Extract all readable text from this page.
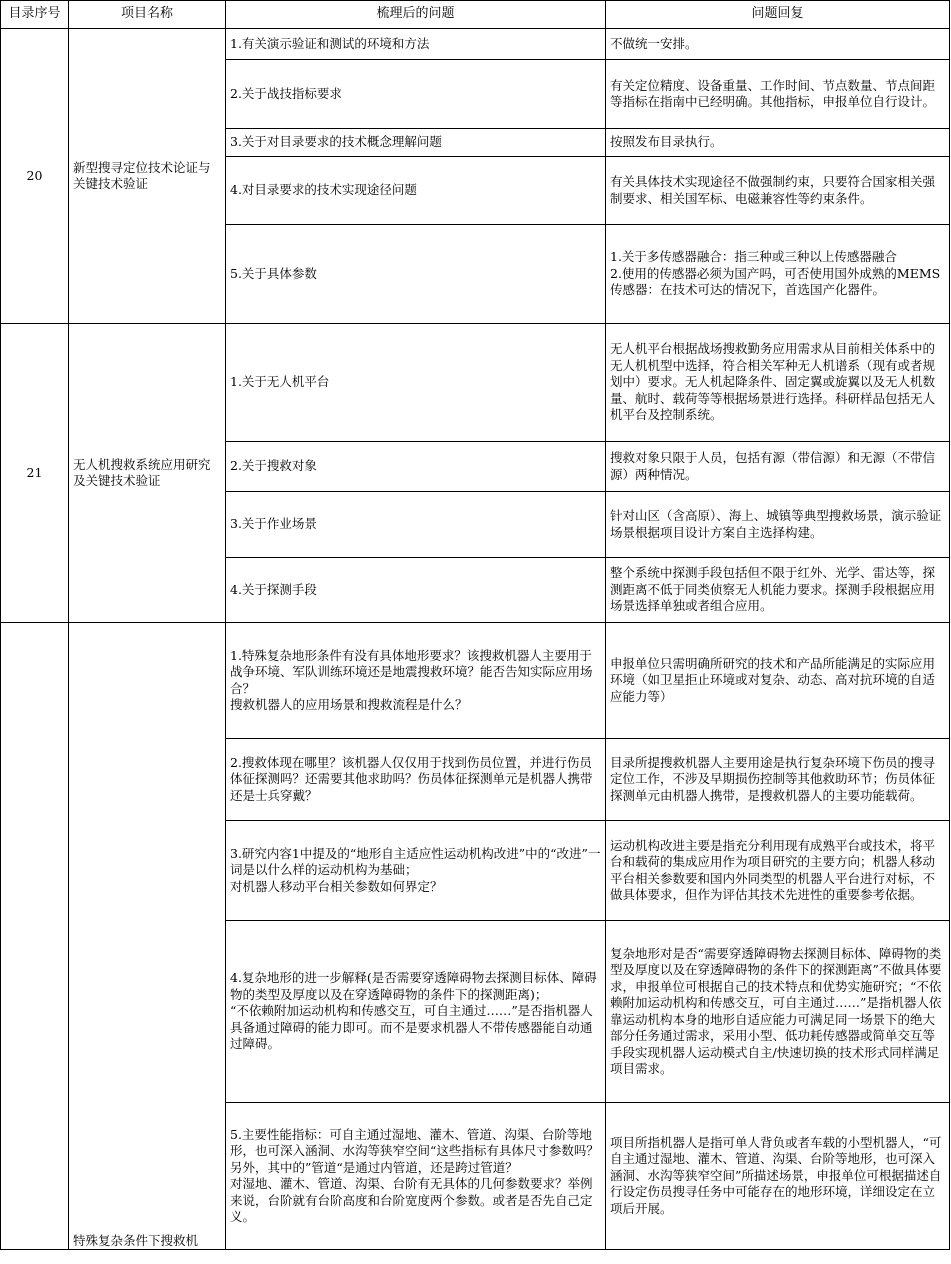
目录序号	项目名称	梳理后的问题	问题回复
20	新型搜寻定位技术论证与关键技术验证	1.有关演示验证和测试的环境和方法	不做统一安排。
		2.关于战技指标要求	有关定位精度、设备重量、工作时间、节点数量、节点间距等指标在指南中已经明确。其他指标，申报单位自行设计。
		3.关于对目录要求的技术概念理解问题	按照发布目录执行。
		4.对目录要求的技术实现途径问题	有关具体技术实现途径不做强制约束，只要符合国家相关强制要求、相关国军标、电磁兼容性等约束条件。
		5.关于具体参数	1.关于多传感器融合：指三种或三种以上传感器融合
2.使用的传感器必须为国产吗，可否使用国外成熟的MEMS传感器：在技术可达的情况下，首选国产化器件。
21	无人机搜救系统应用研究及关键技术验证	1.关于无人机平台	无人机平台根据战场搜救勤务应用需求从目前相关体系中的无人机机型中选择，符合相关军种无人机谱系（现有或者规划中）要求。无人机起降条件、固定翼或旋翼以及无人机数量、航时、载荷等等根据场景进行选择。科研样品包括无人机平台及控制系统。
		2.关于搜救对象	搜救对象只限于人员，包括有源（带信源）和无源（不带信源）两种情况。
		3.关于作业场景	针对山区（含高原）、海上、城镇等典型搜救场景，演示验证场景根据项目设计方案自主选择构建。
		4.关于探测手段	整个系统中探测手段包括但不限于红外、光学、雷达等，探测距离不低于同类侦察无人机能力要求。探测手段根据应用场景选择单独或者组合应用。
	特殊复杂条件下搜救机	1.特殊复杂地形条件有没有具体地形要求？该搜救机器人主要用于战争环境、军队训练环境还是地震搜救环境？能否告知实际应用场合？
搜救机器人的应用场景和搜救流程是什么？	申报单位只需明确所研究的技术和产品所能满足的实际应用环境（如卫星拒止环境或对复杂、动态、高对抗环境的自适应能力等）
		2.搜救体现在哪里？该机器人仅仅用于找到伤员位置，并进行伤员体征探测吗？还需要其他求助吗？伤员体征探测单元是机器人携带还是士兵穿戴？	目录所提搜救机器人主要用途是执行复杂环境下伤员的搜寻定位工作，不涉及早期损伤控制等其他救助环节；伤员体征探测单元由机器人携带，是搜救机器人的主要功能载荷。
		3.研究内容1中提及的“地形自主适应性运动机构改进”中的“改进”一词是以什么样的运动机构为基础；
对机器人移动平台相关参数如何界定？	运动机构改进主要是指充分利用现有成熟平台或技术，将平台和载荷的集成应用作为项目研究的主要方向；机器人移动平台相关参数要和国内外同类型的机器人平台进行对标，不做具体要求，但作为评估其技术先进性的重要参考依据。
		4.复杂地形的进一步解释(是否需要穿透障碍物去探测目标体、障碍物的类型及厚度以及在穿透障碍物的条件下的探测距离)；
“不依赖附加运动机构和传感交互，可自主通过……”是否指机器人具备通过障碍的能力即可。而不是要求机器人不带传感器能自动通过障碍。	复杂地形对是否“需要穿透障碍物去探测目标体、障碍物的类型及厚度以及在穿透障碍物的条件下的探测距离”不做具体要求，申报单位可根据自己的技术特点和优势实施研究；“不依赖附加运动机构和传感交互，可自主通过……”是指机器人依靠运动机构本身的地形自适应能力可满足同一场景下的绝大部分任务通过需求，采用小型、低功耗传感器或简单交互等手段实现机器人运动模式自主/快速切换的技术形式同样满足项目需求。
		5.主要性能指标：可自主通过湿地、灌木、管道、沟渠、台阶等地形，也可深入涵洞、水沟等狭窄空间“这些指标有具体尺寸参数吗？另外，其中的”管道“是通过内管道，还是跨过管道？
对湿地、灌木、管道、沟渠、台阶有无具体的几何参数要求？举例来说，台阶就有台阶高度和台阶宽度两个参数。或者是否先自己定义。	项目所指机器人是指可单人背负或者车载的小型机器人，“可自主通过湿地、灌木、管道、沟渠、台阶等地形，也可深入涵洞、水沟等狭窄空间”所描述场景，申报单位可根据描述自行设定伤员搜寻任务中可能存在的地形环境，详细设定在立项后开展。
